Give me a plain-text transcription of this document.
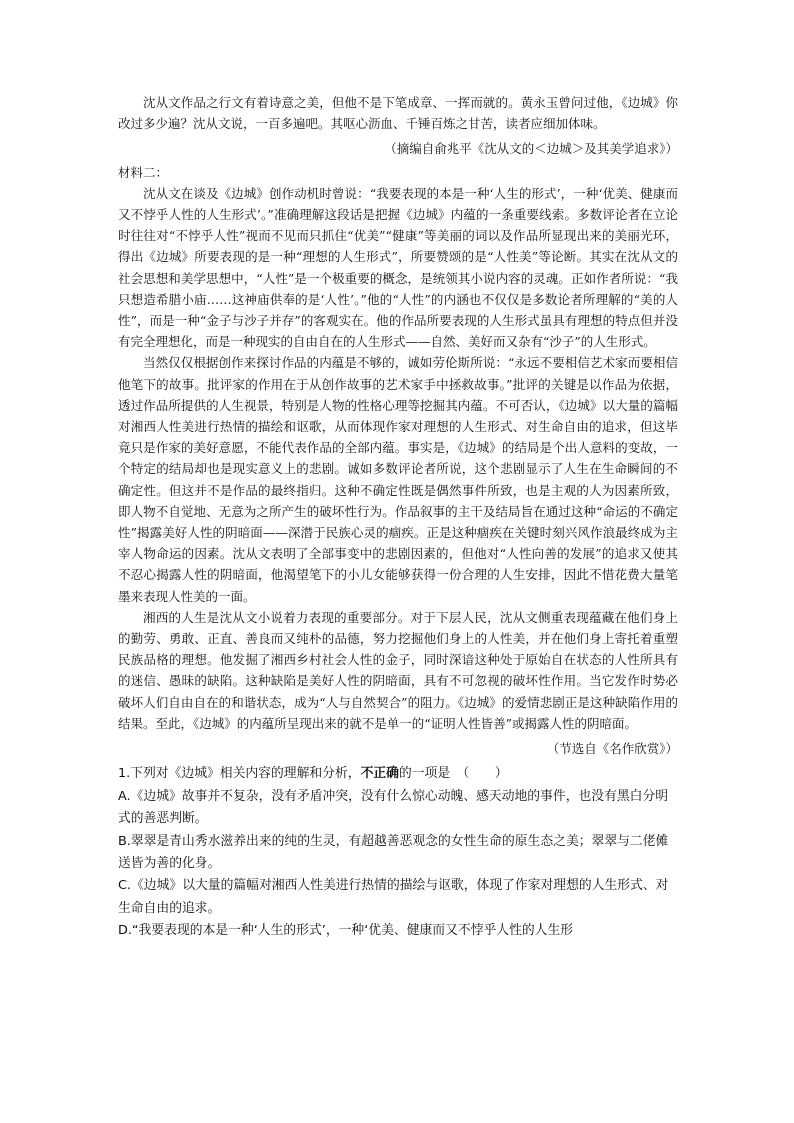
沈从文作品之行文有着诗意之美，但他不是下笔成章、一挥而就的。黄永玉曾问过他，《边城》你改过多少遍？沈从文说，一百多遍吧。其呕心沥血、千锤百炼之甘苦，读者应细加体味。

（摘编自俞兆平《沈从文的＜边城＞及其美学追求》）

材料二：

沈从文在谈及《边城》创作动机时曾说：“我要表现的本是一种‘人生的形式’，一种‘优美、健康而又不悖乎人性的人生形式’。”准确理解这段话是把握《边城》内蕴的一条重要线索。多数评论者在立论时往往对“不悖乎人性”视而不见而只抓住“优美”“健康”等美丽的词以及作品所显现出来的美丽光环，得出《边城》所要表现的是一种“理想的人生形式”，所要赞颂的是“人性美”等论断。其实在沈从文的社会思想和美学思想中，“人性”是一个极重要的概念，是统领其小说内容的灵魂。正如作者所说：“我只想造希腊小庙……这神庙供奉的是‘人性’。”他的“人性”的内涵也不仅仅是多数论者所理解的“美的人性”，而是一种“金子与沙子并存”的客观实在。他的作品所要表现的人生形式虽具有理想的特点但并没有完全理想化，而是一种现实的自由自在的人生形式——自然、美好而又杂有“沙子”的人生形式。

当然仅仅根据创作来探讨作品的内蕴是不够的，诚如劳伦斯所说：“永远不要相信艺术家而要相信他笔下的故事。批评家的作用在于从创作故事的艺术家手中拯救故事。”批评的关键是以作品为依据，透过作品所提供的人生视景，特别是人物的性格心理等挖掘其内蕴。不可否认，《边城》以大量的篇幅对湘西人性美进行热情的描绘和讴歌，从而体现作家对理想的人生形式、对生命自由的追求，但这毕竟只是作家的美好意愿，不能代表作品的全部内蕴。事实是，《边城》的结局是个出人意料的变故，一个特定的结局却也是现实意义上的悲剧。诚如多数评论者所说，这个悲剧显示了人生在生命瞬间的不确定性。但这并不是作品的最终指归。这种不确定性既是偶然事件所致，也是主观的人为因素所致，即人物不自觉地、无意为之所产生的破坏性行为。作品叙事的主干及结局旨在通过这种“命运的不确定性”揭露美好人性的阴暗面——深潜于民族心灵的痼疾。正是这种痼疾在关键时刻兴风作浪最终成为主宰人物命运的因素。沈从文表明了全部事变中的悲剧因素的，但他对“人性向善的发展”的追求又使其不忍心揭露人性的阴暗面，他渴望笔下的小儿女能够获得一份合理的人生安排，因此不惜花费大量笔墨来表现人性美的一面。

湘西的人生是沈从文小说着力表现的重要部分。对于下层人民，沈从文侧重表现蕴藏在他们身上的勤劳、勇敢、正直、善良而又纯朴的品德，努力挖掘他们身上的人性美，并在他们身上寄托着重塑民族品格的理想。他发掘了湘西乡村社会人性的金子，同时深谙这种处于原始自在状态的人性所具有的迷信、愚昧的缺陷。这种缺陷是美好人性的阴暗面，具有不可忽视的破坏性作用。当它发作时势必破坏人们自由自在的和谐状态，成为“人与自然契合”的阻力。《边城》的爱情悲剧正是这种缺陷作用的结果。至此，《边城》的内蕴所呈现出来的就不是单一的“证明人性皆善”或揭露人性的阴暗面。

（节选自《名作欣赏》）

1.下列对《边城》相关内容的理解和分析，不正确的一项是　（　　）

A.《边城》故事并不复杂，没有矛盾冲突，没有什么惊心动魄、感天动地的事件，也没有黑白分明式的善恶判断。

B.翠翠是青山秀水滋养出来的纯的生灵，有超越善恶观念的女性生命的原生态之美；翠翠与二佬傩送皆为善的化身。

C.《边城》以大量的篇幅对湘西人性美进行热情的描绘与讴歌，体现了作家对理想的人生形式、对生命自由的追求。

D.“我要表现的本是一种‘人生的形式’，一种‘优美、健康而又不悖乎人性的人生形
